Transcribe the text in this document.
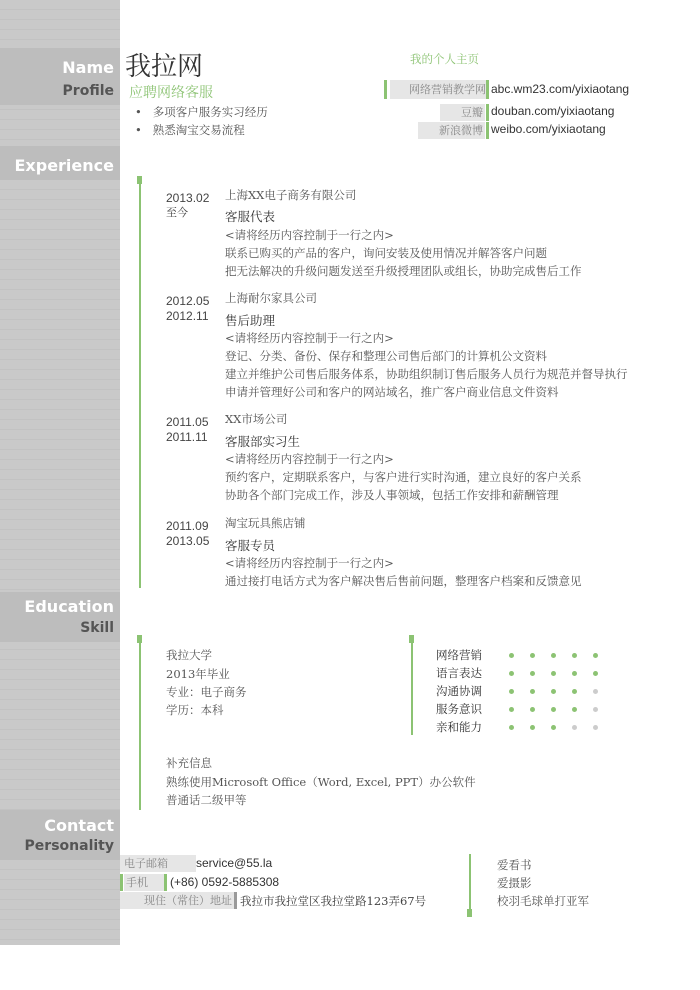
Name
Profile
Experience
Education
Skill
Contact
Personality
我拉网
应聘网络客服
•   多项客户服务实习经历
•   熟悉淘宝交易流程
我的个人主页
网络营销教学网 abc.wm23.com/yixiaotang
豆瓣 douban.com/yixiaotang
新浪微博 weibo.com/yixiaotang
2013.02
至今
上海XX电子商务有限公司
客服代表
<请将经历内容控制于一行之内>
联系已购买的产品的客户，询问安装及使用情况并解答客户问题
把无法解决的升级问题发送至升级授理团队或组长，协助完成售后工作
2012.05
2012.11
上海耐尔家具公司
售后助理
<请将经历内容控制于一行之内>
登记、分类、备份、保存和整理公司售后部门的计算机公文资料
建立并维护公司售后服务体系，协助组织制订售后服务人员行为规范并督导执行
申请并管理好公司和客户的网站域名，推广客户商业信息文件资料
2011.05
2011.11
XX市场公司
客服部实习生
<请将经历内容控制于一行之内>
预约客户，定期联系客户，与客户进行实时沟通，建立良好的客户关系
协助各个部门完成工作，涉及人事领域，包括工作安排和薪酬管理
2011.09
2013.05
淘宝玩具熊店铺
客服专员
<请将经历内容控制于一行之内>
通过接打电话方式为客户解决售后售前问题，整理客户档案和反馈意见
我拉大学
2013年毕业
专业：电子商务
学历：本科
网络营销
语言表达
沟通协调
服务意识
亲和能力
补充信息
熟练使用Microsoft Office（Word, Excel, PPT）办公软件
普通话二级甲等
电子邮箱	service@55.la
手机	(+86) 0592-5885308
现住（常住）地址 我拉市我拉堂区我拉堂路123弄67号
爱看书
爱摄影
校羽毛球单打亚军
